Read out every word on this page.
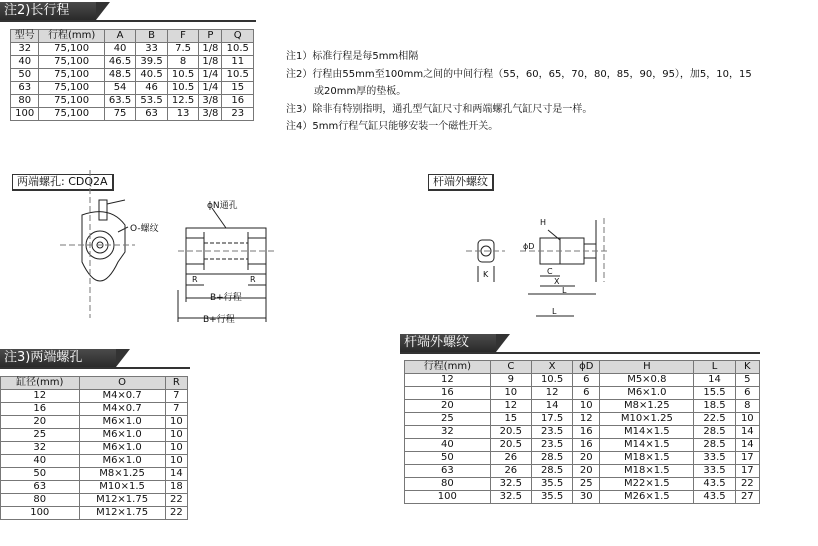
注2)长行程
型号	行程(mm)	A	B	F	P	Q
32	75,100	40	33	7.5	1/8	10.5
40	75,100	46.5	39.5	8	1/8	11
50	75,100	48.5	40.5	10.5	1/4	10.5
63	75,100	54	46	10.5	1/4	15
80	75,100	63.5	53.5	12.5	3/8	16
100	75,100	75	63	13	3/8	23
注1）标准行程是每5mm相隔
注2）行程由55mm至100mm之间的中间行程（55，60，65，70，80，85，90，95），加5，10，15
或20mm厚的垫板。
注3）除非有特别指明，通孔型气缸尺寸和两端螺孔气缸尺寸是一样。
注4）5mm行程气缸只能够安装一个磁性开关。
两端螺孔: CDQ2A	杆端外螺纹
O-螺纹
ϕN通孔
R	R
B+行程
B+行程
H
ϕD
K	C
X
L
L
注3)两端螺孔
缸径(mm)	O	R
12	M4×0.7	7
16	M4×0.7	7
20	M6×1.0	10
25	M6×1.0	10
32	M6×1.0	10
40	M6×1.0	10
50	M8×1.25	14
63	M10×1.5	18
80	M12×1.75	22
100	M12×1.75	22
杆端外螺纹
行程(mm)	C	X	ϕD	H	L	K
12	9	10.5	6	M5×0.8	14	5
16	10	12	6	M6×1.0	15.5	6
20	12	14	10	M8×1.25	18.5	8
25	15	17.5	12	M10×1.25	22.5	10
32	20.5	23.5	16	M14×1.5	28.5	14
40	20.5	23.5	16	M14×1.5	28.5	14
50	26	28.5	20	M18×1.5	33.5	17
63	26	28.5	20	M18×1.5	33.5	17
80	32.5	35.5	25	M22×1.5	43.5	22
100	32.5	35.5	30	M26×1.5	43.5	27
